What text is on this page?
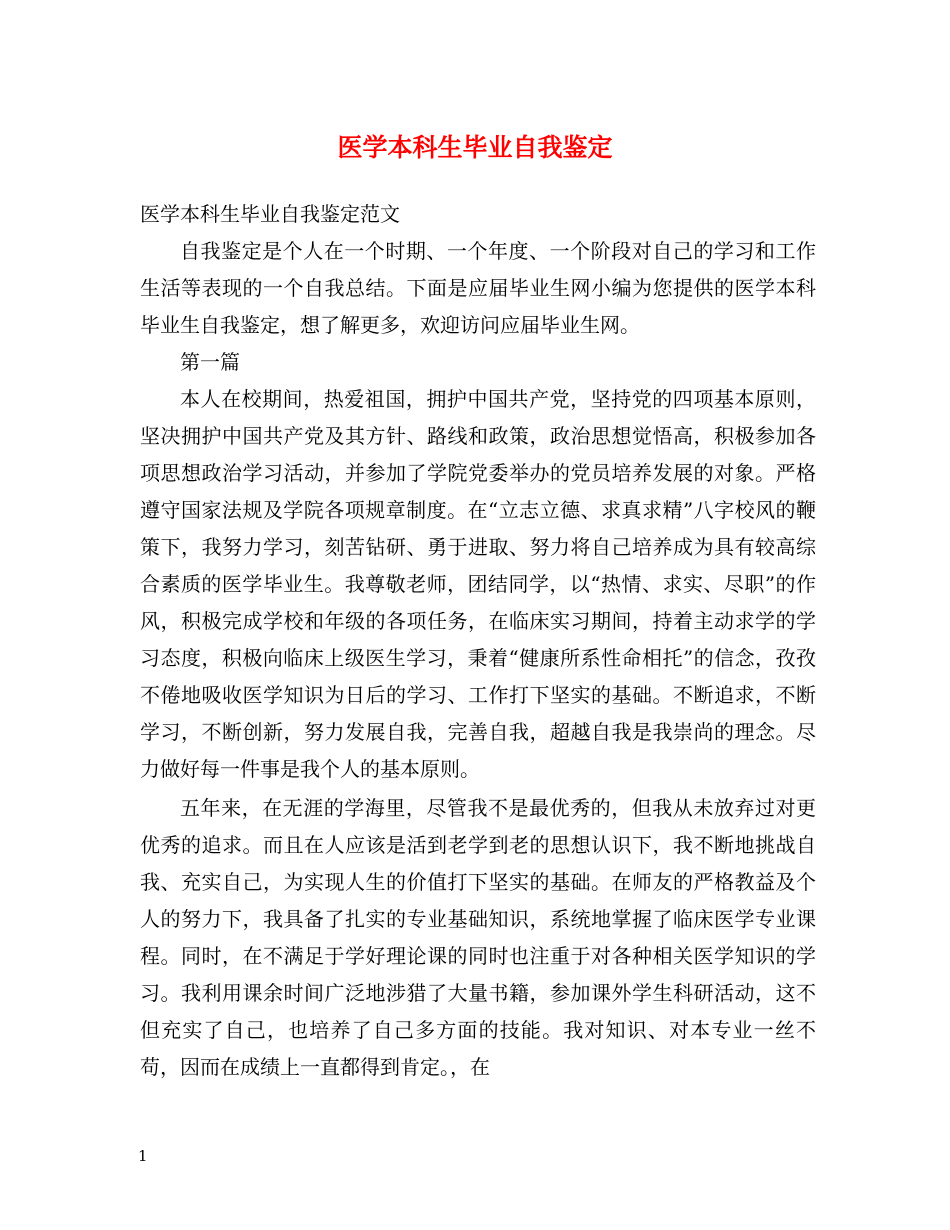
医学本科生毕业自我鉴定

医学本科生毕业自我鉴定范文

自我鉴定是个人在一个时期、一个年度、一个阶段对自己的学习和工作生活等表现的一个自我总结。下面是应届毕业生网小编为您提供的医学本科毕业生自我鉴定，想了解更多，欢迎访问应届毕业生网。

第一篇

本人在校期间，热爱祖国，拥护中国共产党，坚持党的四项基本原则，坚决拥护中国共产党及其方针、路线和政策，政治思想觉悟高，积极参加各项思想政治学习活动，并参加了学院党委举办的党员培养发展的对象。严格遵守国家法规及学院各项规章制度。在“立志立德、求真求精”八字校风的鞭策下，我努力学习，刻苦钻研、勇于进取、努力将自己培养成为具有较高综合素质的医学毕业生。我尊敬老师，团结同学，以“热情、求实、尽职”的作风，积极完成学校和年级的各项任务，在临床实习期间，持着主动求学的学习态度，积极向临床上级医生学习，秉着“健康所系性命相托”的信念，孜孜不倦地吸收医学知识为日后的学习、工作打下坚实的基础。不断追求，不断学习，不断创新，努力发展自我，完善自我，超越自我是我崇尚的理念。尽力做好每一件事是我个人的基本原则。

五年来，在无涯的学海里，尽管我不是最优秀的，但我从未放弃过对更优秀的追求。而且在人应该是活到老学到老的思想认识下，我不断地挑战自我、充实自己，为实现人生的价值打下坚实的基础。在师友的严格教益及个人的努力下，我具备了扎实的专业基础知识，系统地掌握了临床医学专业课程。同时，在不满足于学好理论课的同时也注重于对各种相关医学知识的学习。我利用课余时间广泛地涉猎了大量书籍，参加课外学生科研活动，这不但充实了自己，也培养了自己多方面的技能。我对知识、对本专业一丝不苟，因而在成绩上一直都得到肯定。，在

1
